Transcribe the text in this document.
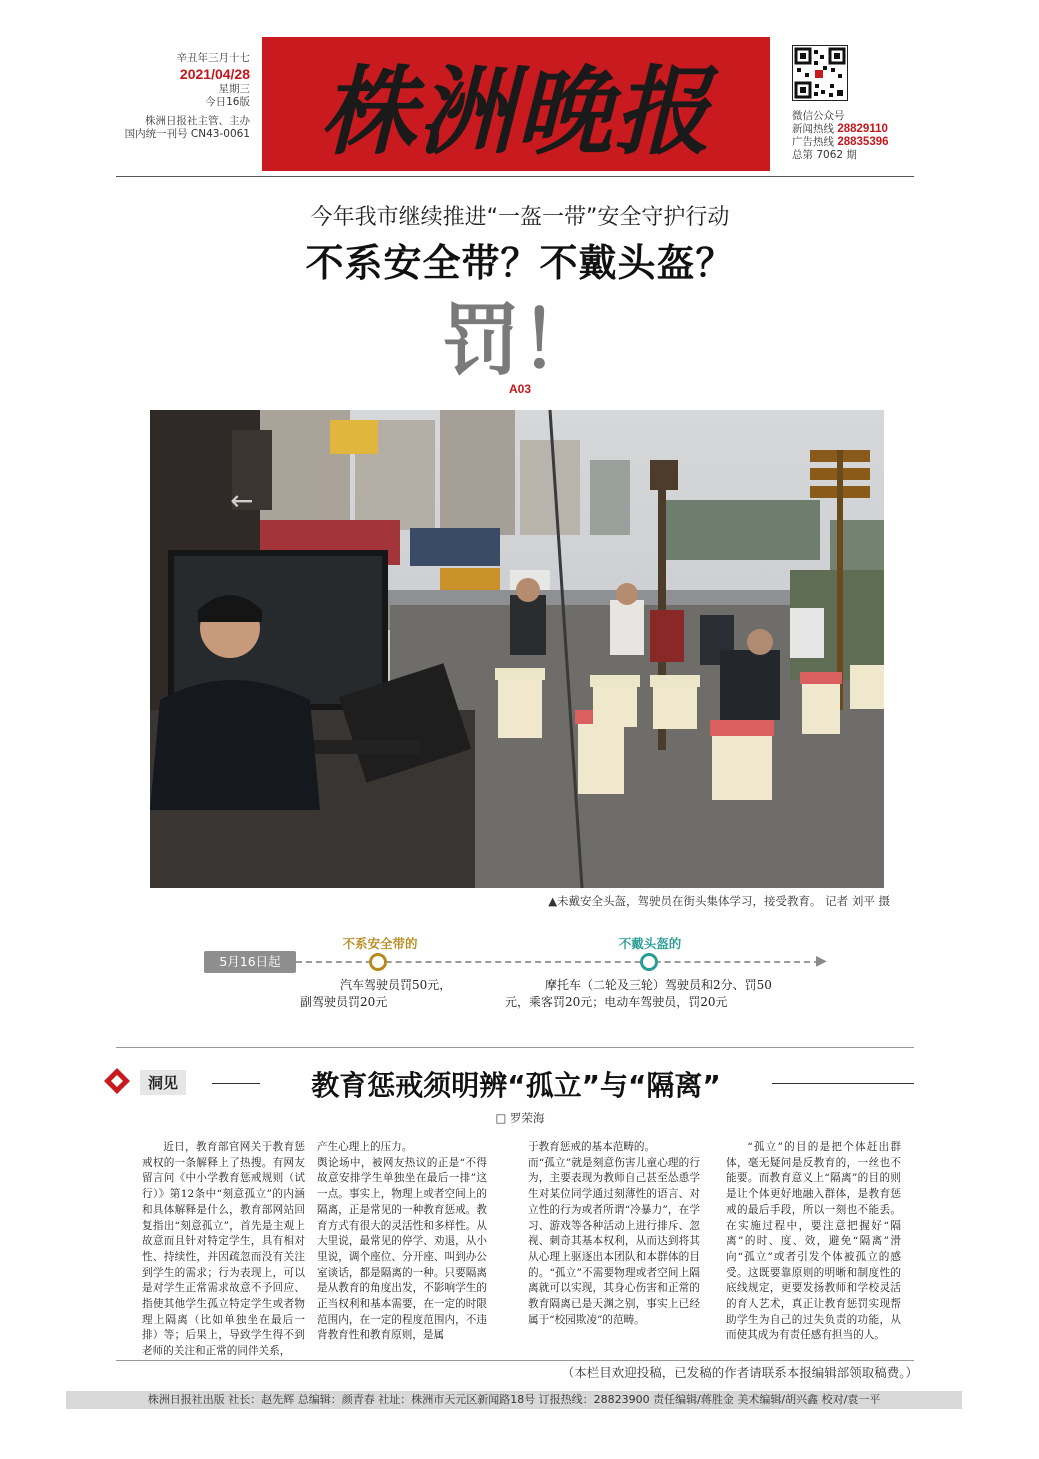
辛丑年三月十七
2021/04/28
星期三
今日16版
株洲日报社主管、主办
国内统一刊号 CN43-0061 株洲晚报	微信公众号
新闻热线 28829110
广告热线 28835396
总第 7062 期
今年我市继续推进“一盔一带”安全守护行动
不系安全带？不戴头盔？
罚！
A03
←
▲未戴安全头盔，驾驶员在街头集体学习，接受教育。 记者 刘平 摄
▶
5月16日起
不系安全带的	不戴头盔的
汽车驾驶员罚50元，副驾驶员罚20元
摩托车（二轮及三轮）驾驶员和2分、罚50元，乘客罚20元；电动车驾驶员，罚20元
洞见	教育惩戒须明辨“孤立”与“隔离”
□ 罗荣海

近日，教育部官网关于教育惩戒权的一条解释上了热搜。有网友留言问《中小学教育惩戒规则（试行）》第12条中“刻意孤立”的内涵和具体解释是什么，教育部网站回复指出“刻意孤立”，首先是主观上故意而且针对特定学生，具有相对性、持续性，并因疏忽而没有关注到学生的需求；行为表现上，可以是对学生正常需求故意不予回应、指使其他学生孤立特定学生或者物理上隔离（比如单独坐在最后一排）等；后果上，导致学生得不到老师的关注和正常的同伴关系，

产生心理上的压力。
舆论场中，被网友热议的正是“不得故意安排学生单独坐在最后一排”这一点。事实上，物理上或者空间上的隔离，正是常见的一种教育惩戒。教育方式有很大的灵活性和多样性。从大里说，最常见的停学、劝退，从小里说，调个座位、分开座、叫到办公室谈话，都是隔离的一种。只要隔离是从教育的角度出发，不影响学生的正当权利和基本需要，在一定的时限范围内，在一定的程度范围内，不违背教育性和教育原则，是属

于教育惩戒的基本范畴的。
而“孤立”就是刻意伤害儿童心理的行为，主要表现为教师自己甚至怂恿学生对某位同学通过刻薄性的语言、对立性的行为或者所谓“冷暴力”，在学习、游戏等各种活动上进行排斥、忽视、刺奇其基本权利，从而达到将其从心理上驱逐出本团队和本群体的目的。“孤立”不需要物理或者空间上隔离就可以实现，其身心伤害和正常的教育隔离已是天渊之别，事实上已经属于“校园欺凌”的范畴。

“孤立”的目的是把个体赶出群体，毫无疑问是反教育的，一丝也不能要。而教育意义上“隔离”的目的则是让个体更好地融入群体，是教育惩戒的最后手段，所以一刻也不能丢。在实施过程中，要注意把握好“隔离”的时、度、效，避免“隔离”滑向“孤立”或者引发个体被孤立的感受。这既要靠原则的明晰和制度性的底线规定，更要发扬教师和学校灵活的育人艺术，真正让教育惩罚实现帮助学生为自己的过失负责的功能，从而使其成为有责任感有担当的人。

（本栏目欢迎投稿，已发稿的作者请联系本报编辑部领取稿费。）
株洲日报社出版 社长：赵先辉 总编辑：颜青春 社址：株洲市天元区新闻路18号 订报热线：28823900 责任编辑/蒋胜金 美术编辑/胡兴鑫 校对/袁一平
